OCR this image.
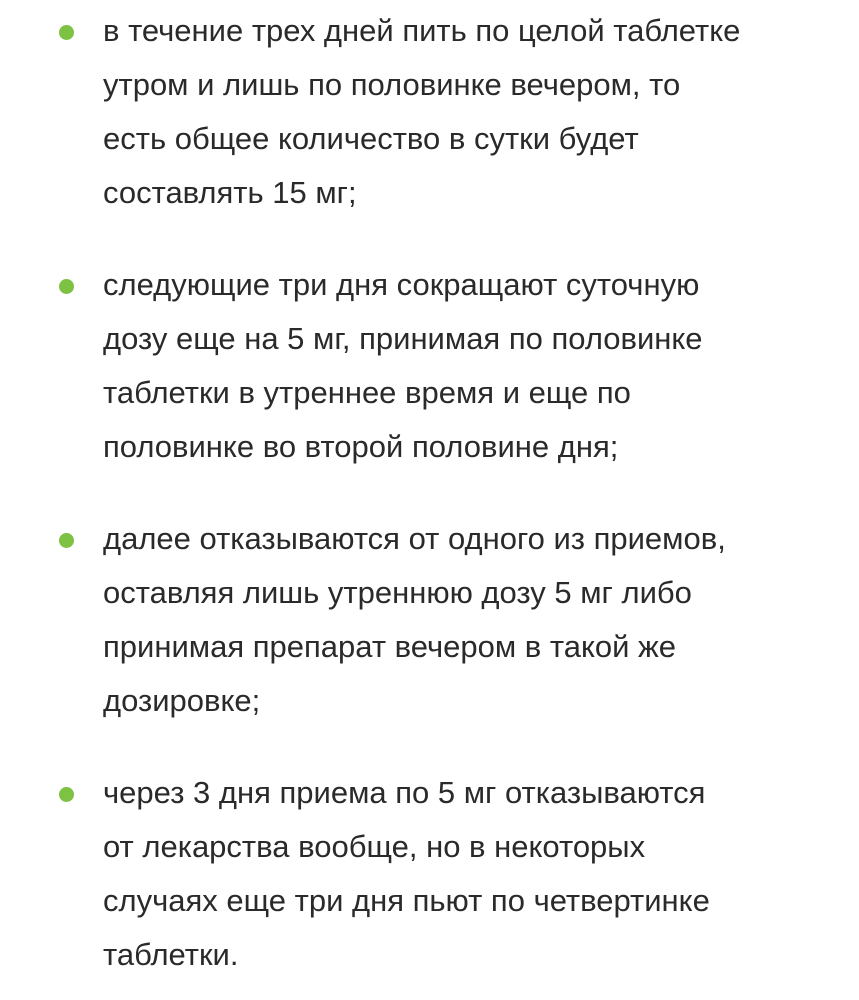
в течение трех дней пить по целой таблетке
утром и лишь по половинке вечером, то
есть общее количество в сутки будет
составлять 15 мг;

следующие три дня сокращают суточную
дозу еще на 5 мг, принимая по половинке
таблетки в утреннее время и еще по
половинке во второй половине дня;

далее отказываются от одного из приемов,
оставляя лишь утреннюю дозу 5 мг либо
принимая препарат вечером в такой же
дозировке;

через 3 дня приема по 5 мг отказываются
от лекарства вообще, но в некоторых
случаях еще три дня пьют по четвертинке
таблетки.
